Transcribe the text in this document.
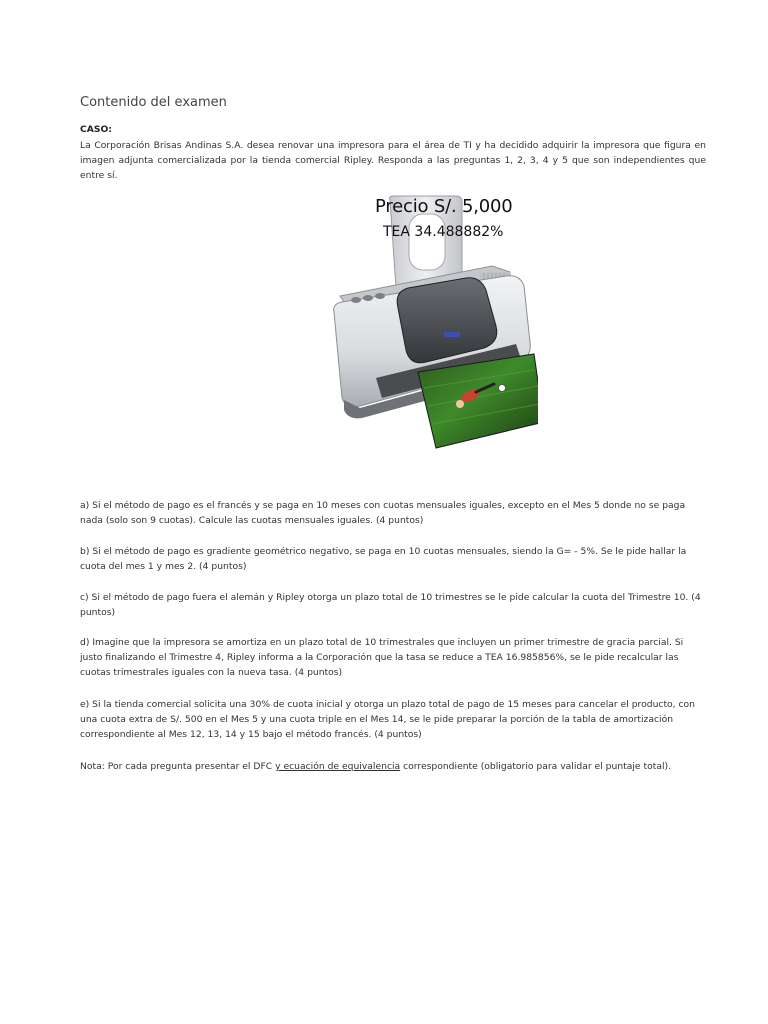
Contenido del examen
CASO:
La Corporación Brisas Andinas S.A. desea renovar una impresora para el área de TI y ha decidido adquirir la impresora que figura en imagen adjunta comercializada por la tienda comercial Ripley. Responda a las preguntas 1, 2, 3, 4 y 5 que son independientes que entre sí.
Precio S/. 5,000
TEA 34.488882%
a) Si el método de pago es el francés y se paga en 10 meses con cuotas mensuales iguales, excepto en el Mes 5 donde no se paga nada (solo son 9 cuotas). Calcule las cuotas mensuales iguales. (4 puntos)
b) Si el método de pago es gradiente geométrico negativo, se paga en 10 cuotas mensuales, siendo la G= - 5%. Se le pide hallar la cuota del mes 1 y mes 2. (4 puntos)
c) Si el método de pago fuera el alemán y Ripley otorga un plazo total de 10 trimestres se le pide calcular la cuota del Trimestre 10. (4 puntos)
d) Imagine que la impresora se amortiza en un plazo total de 10 trimestrales que incluyen un primer trimestre de gracia parcial. Si justo finalizando el Trimestre 4, Ripley informa a la Corporación que la tasa se reduce a TEA 16.985856%, se le pide recalcular las cuotas trimestrales iguales con la nueva tasa. (4 puntos)
e) Si la tienda comercial solicita una 30% de cuota inicial y otorga un plazo total de pago de 15 meses para cancelar el producto, con una cuota extra de S/. 500 en el Mes 5 y una cuota triple en el Mes 14, se le pide preparar la porción de la tabla de amortización correspondiente al Mes 12, 13, 14 y 15 bajo el método francés. (4 puntos)
Nota: Por cada pregunta presentar el DFC y ecuación de equivalencia correspondiente (obligatorio para validar el puntaje total).
